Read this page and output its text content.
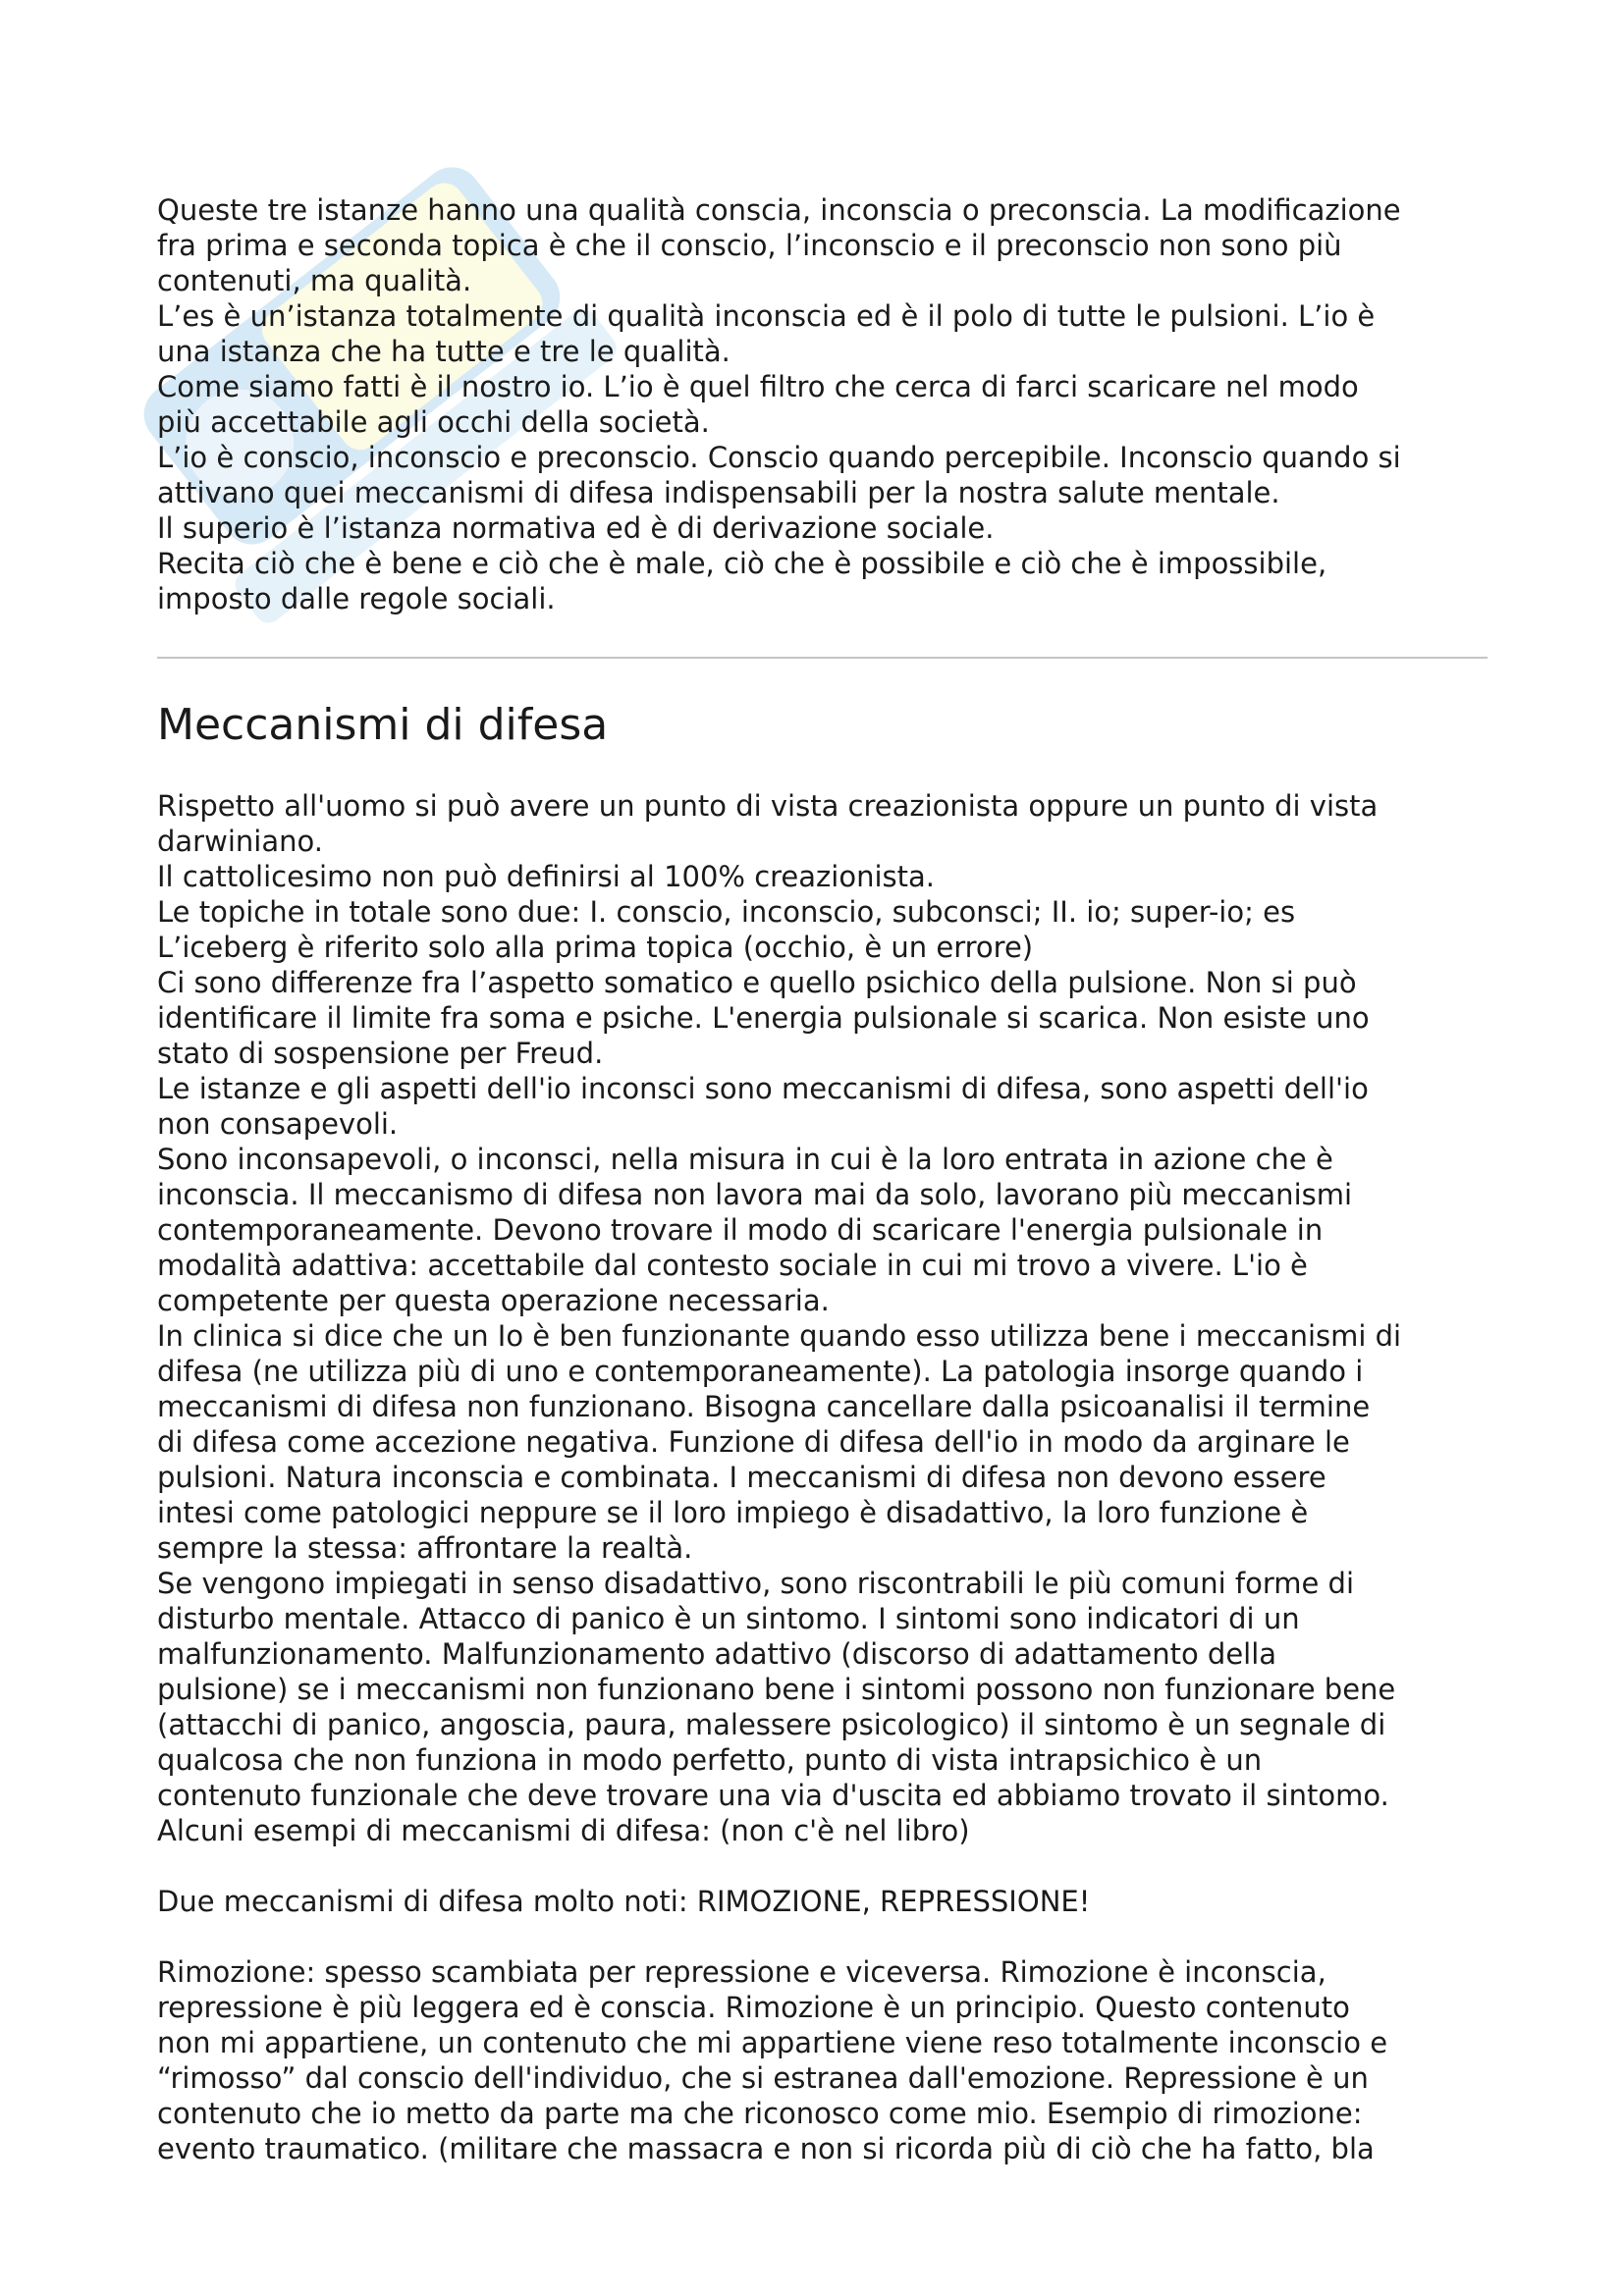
Queste tre istanze hanno una qualità conscia, inconscia o preconscia. La modificazione
fra prima e seconda topica è che il conscio, l’inconscio e il preconscio non sono più
contenuti, ma qualità.
L’es è un’istanza totalmente di qualità inconscia ed è il polo di tutte le pulsioni. L’io è
una istanza che ha tutte e tre le qualità.
Come siamo fatti è il nostro io. L’io è quel filtro che cerca di farci scaricare nel modo
più accettabile agli occhi della società.
L’io è conscio, inconscio e preconscio. Conscio quando percepibile. Inconscio quando si
attivano quei meccanismi di difesa indispensabili per la nostra salute mentale.
Il superio è l’istanza normativa ed è di derivazione sociale.
Recita ciò che è bene e ciò che è male, ciò che è possibile e ciò che è impossibile,
imposto dalle regole sociali.
Meccanismi di difesa
Rispetto all'uomo si può avere un punto di vista creazionista oppure un punto di vista
darwiniano.
Il cattolicesimo non può definirsi al 100% creazionista.
Le topiche in totale sono due: I. conscio, inconscio, subconsci; II. io; super-io; es
L’iceberg è riferito solo alla prima topica (occhio, è un errore)
Ci sono differenze fra l’aspetto somatico e quello psichico della pulsione. Non si può
identificare il limite fra soma e psiche. L'energia pulsionale si scarica. Non esiste uno
stato di sospensione per Freud.
Le istanze e gli aspetti dell'io inconsci sono meccanismi di difesa, sono aspetti dell'io
non consapevoli.
Sono inconsapevoli, o inconsci, nella misura in cui è la loro entrata in azione che è
inconscia. Il meccanismo di difesa non lavora mai da solo, lavorano più meccanismi
contemporaneamente. Devono trovare il modo di scaricare l'energia pulsionale in
modalità adattiva: accettabile dal contesto sociale in cui mi trovo a vivere. L'io è
competente per questa operazione necessaria.
In clinica si dice che un Io è ben funzionante quando esso utilizza bene i meccanismi di
difesa (ne utilizza più di uno e contemporaneamente). La patologia insorge quando i
meccanismi di difesa non funzionano. Bisogna cancellare dalla psicoanalisi il termine
di difesa come accezione negativa. Funzione di difesa dell'io in modo da arginare le
pulsioni. Natura inconscia e combinata. I meccanismi di difesa non devono essere
intesi come patologici neppure se il loro impiego è disadattivo, la loro funzione è
sempre la stessa: affrontare la realtà.
Se vengono impiegati in senso disadattivo, sono riscontrabili le più comuni forme di
disturbo mentale. Attacco di panico è un sintomo. I sintomi sono indicatori di un
malfunzionamento. Malfunzionamento adattivo (discorso di adattamento della
pulsione) se i meccanismi non funzionano bene i sintomi possono non funzionare bene
(attacchi di panico, angoscia, paura, malessere psicologico) il sintomo è un segnale di
qualcosa che non funziona in modo perfetto, punto di vista intrapsichico è un
contenuto funzionale che deve trovare una via d'uscita ed abbiamo trovato il sintomo.
Alcuni esempi di meccanismi di difesa: (non c'è nel libro)
Due meccanismi di difesa molto noti: RIMOZIONE, REPRESSIONE!
Rimozione: spesso scambiata per repressione e viceversa. Rimozione è inconscia,
repressione è più leggera ed è conscia. Rimozione è un principio. Questo contenuto
non mi appartiene, un contenuto che mi appartiene viene reso totalmente inconscio e
“rimosso” dal conscio dell'individuo, che si estranea dall'emozione. Repressione è un
contenuto che io metto da parte ma che riconosco come mio. Esempio di rimozione:
evento traumatico. (militare che massacra e non si ricorda più di ciò che ha fatto, bla
